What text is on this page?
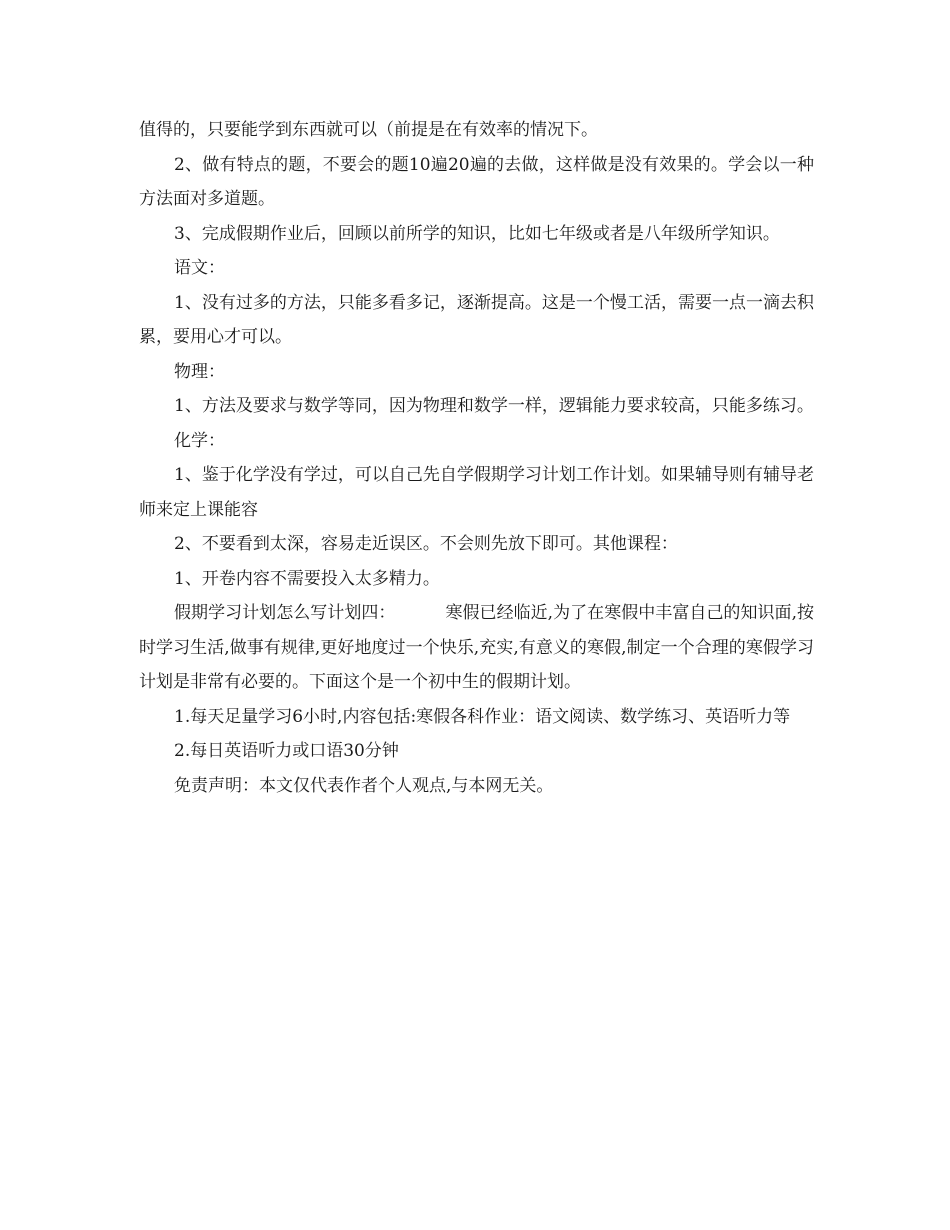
值得的，只要能学到东西就可以（前提是在有效率的情况下。

2、做有特点的题，不要会的题10遍20遍的去做，这样做是没有效果的。学会以一种方法面对多道题。

3、完成假期作业后，回顾以前所学的知识，比如七年级或者是八年级所学知识。

语文：

1、没有过多的方法，只能多看多记，逐渐提高。这是一个慢工活，需要一点一滴去积累，要用心才可以。

物理：

1、方法及要求与数学等同，因为物理和数学一样，逻辑能力要求较高，只能多练习。

化学：

1、鉴于化学没有学过，可以自己先自学假期学习计划工作计划。如果辅导则有辅导老师来定上课能容

2、不要看到太深，容易走近误区。不会则先放下即可。其他课程：

1、开卷内容不需要投入太多精力。

假期学习计划怎么写计划四：	寒假已经临近,为了在寒假中丰富自己的知识面,按时学习生活,做事有规律,更好地度过一个快乐,充实,有意义的寒假,制定一个合理的寒假学习计划是非常有必要的。下面这个是一个初中生的假期计划。

1.每天足量学习6小时,内容包括:寒假各科作业：语文阅读、数学练习、英语听力等

2.每日英语听力或口语30分钟

免责声明：本文仅代表作者个人观点,与本网无关。
